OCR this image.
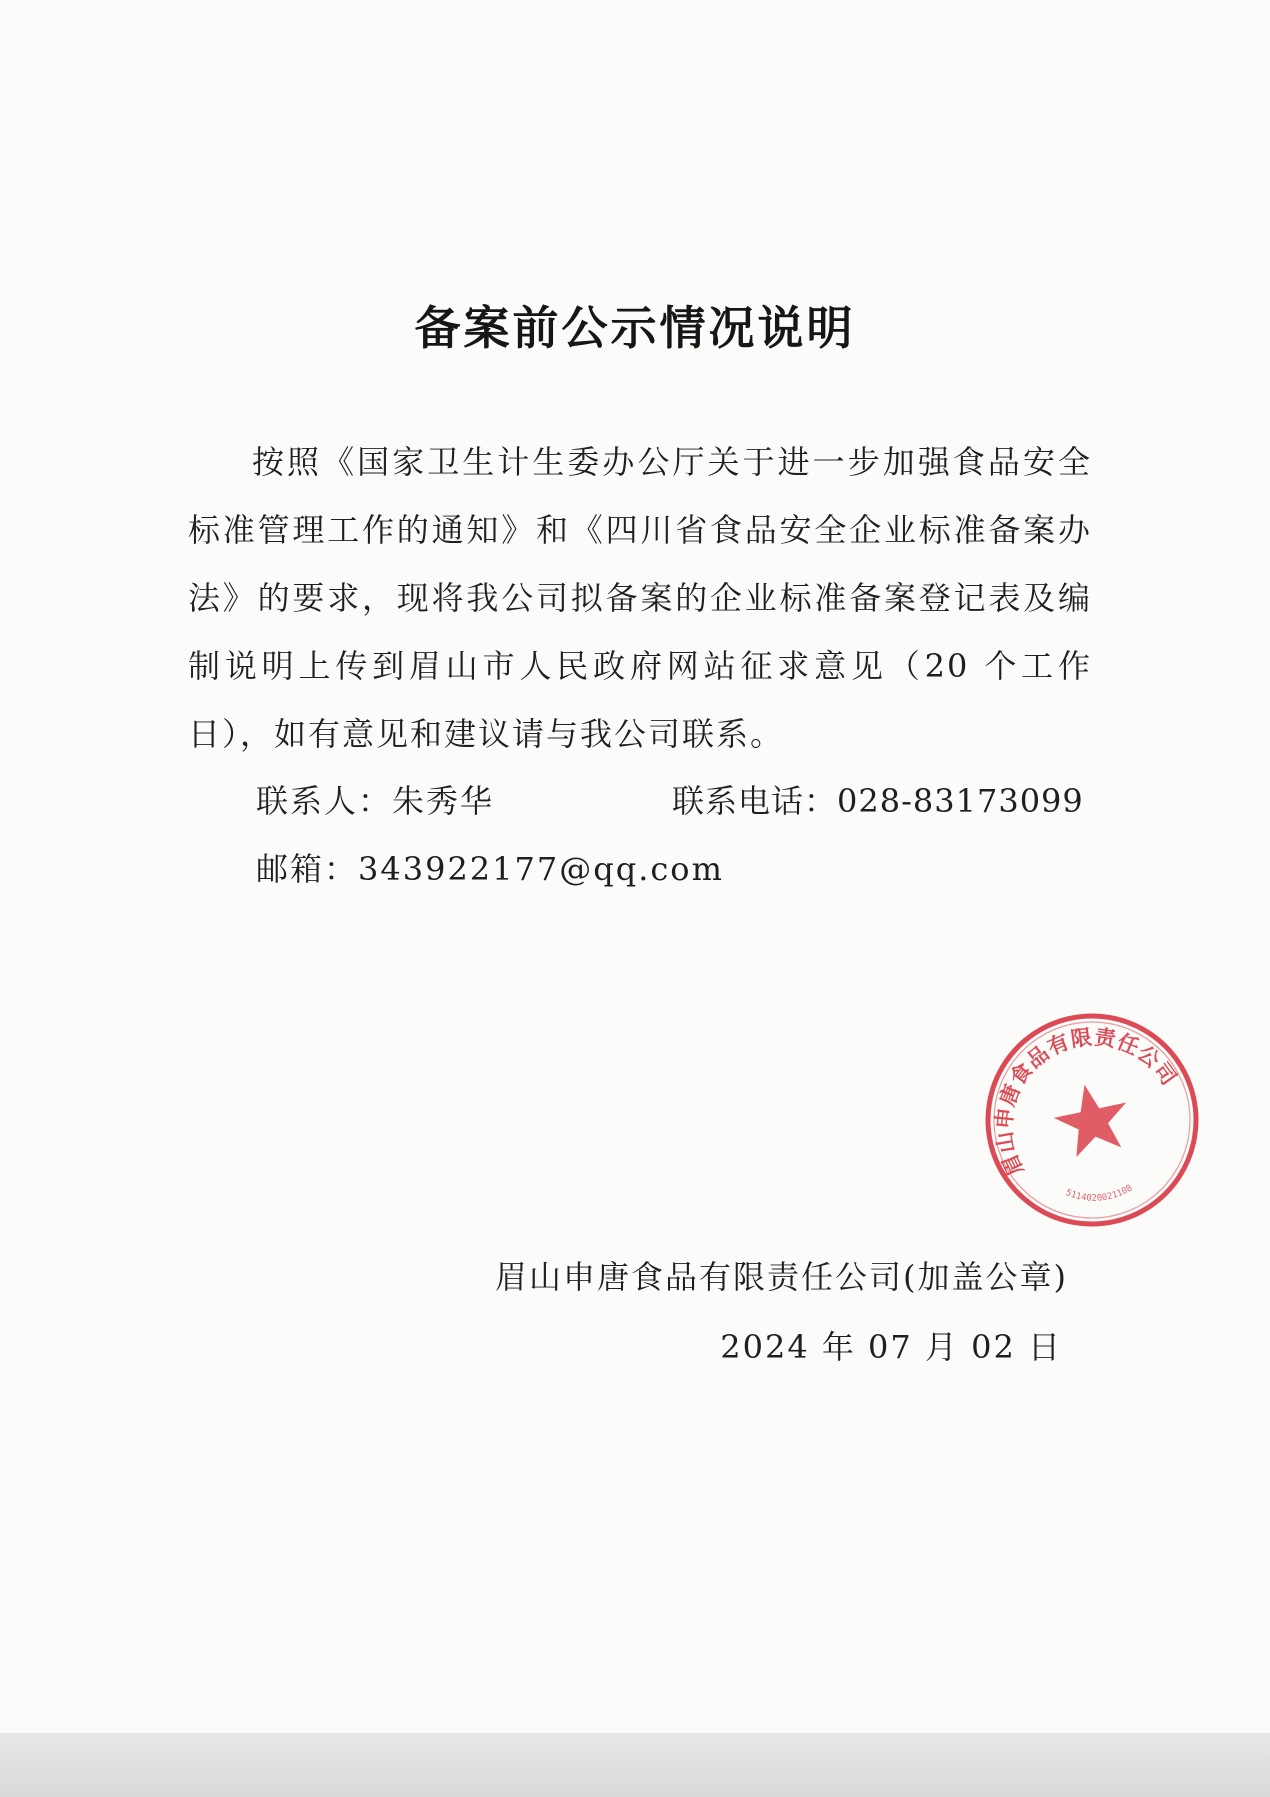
备案前公示情况说明

按照《国家卫生计生委办公厅关于进一步加强食品安全标准管理工作的通知》和《四川省食品安全企业标准备案办法》的要求，现将我公司拟备案的企业标准备案登记表及编制说明上传到眉山市人民政府网站征求意见（20 个工作日），如有意见和建议请与我公司联系。

联系人：朱秀华	联系电话：028-83173099
邮箱：343922177@qq.com
眉山申唐食品有限责任公司
5114020021108
眉山申唐食品有限责任公司(加盖公章)
2024 年 07 月 02 日
